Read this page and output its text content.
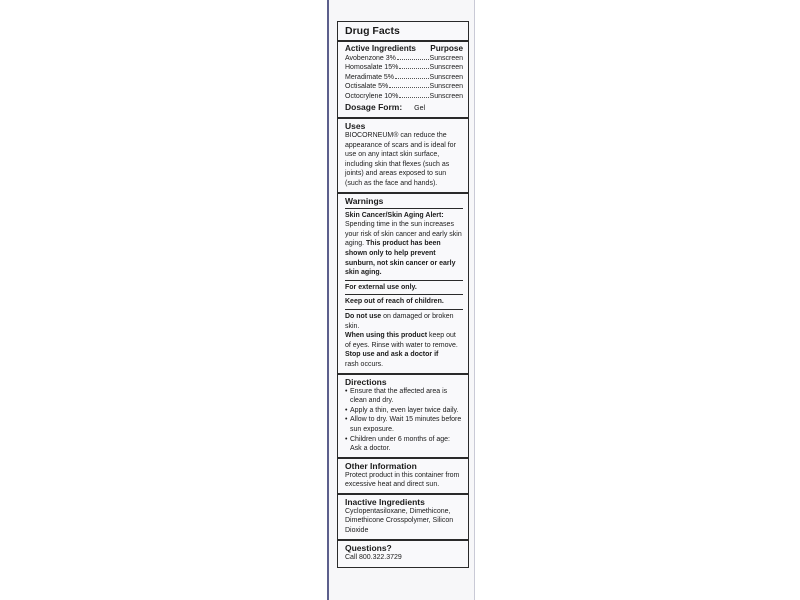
Drug Facts
Active Ingredients Purpose
Avobenzone 3%	Sunscreen
Homosalate 15%	Sunscreen
Meradimate 5%	Sunscreen
Octisalate 5%	Sunscreen
Octocrylene 10%	Sunscreen
Dosage Form: Gel
Uses

BIOCORNEUM® can reduce the appearance of scars and is ideal for use on any intact skin surface, including skin that flexes (such as joints) and areas exposed to sun (such as the face and hands).

Warnings

Skin Cancer/Skin Aging Alert:

Spending time in the sun increases your risk of skin cancer and early skin aging. This product has been shown only to help prevent sunburn, not skin cancer or early skin aging.

For external use only.

Keep out of reach of children.

Do not use on damaged or broken skin.

When using this product keep out of eyes. Rinse with water to remove.

Stop use and ask a doctor if

rash occurs.

Directions
• Ensure that the affected area is clean and dry.
• Apply a thin, even layer twice daily.
• Allow to dry. Wait 15 minutes before sun exposure.
• Children under 6 months of age: Ask a doctor.
Other Information

Protect product in this container from excessive heat and direct sun.

Inactive Ingredients

Cyclopentasiloxane, Dimethicone, Dimethicone Crosspolymer, Silicon Dioxide

Questions?

Call 800.322.3729
